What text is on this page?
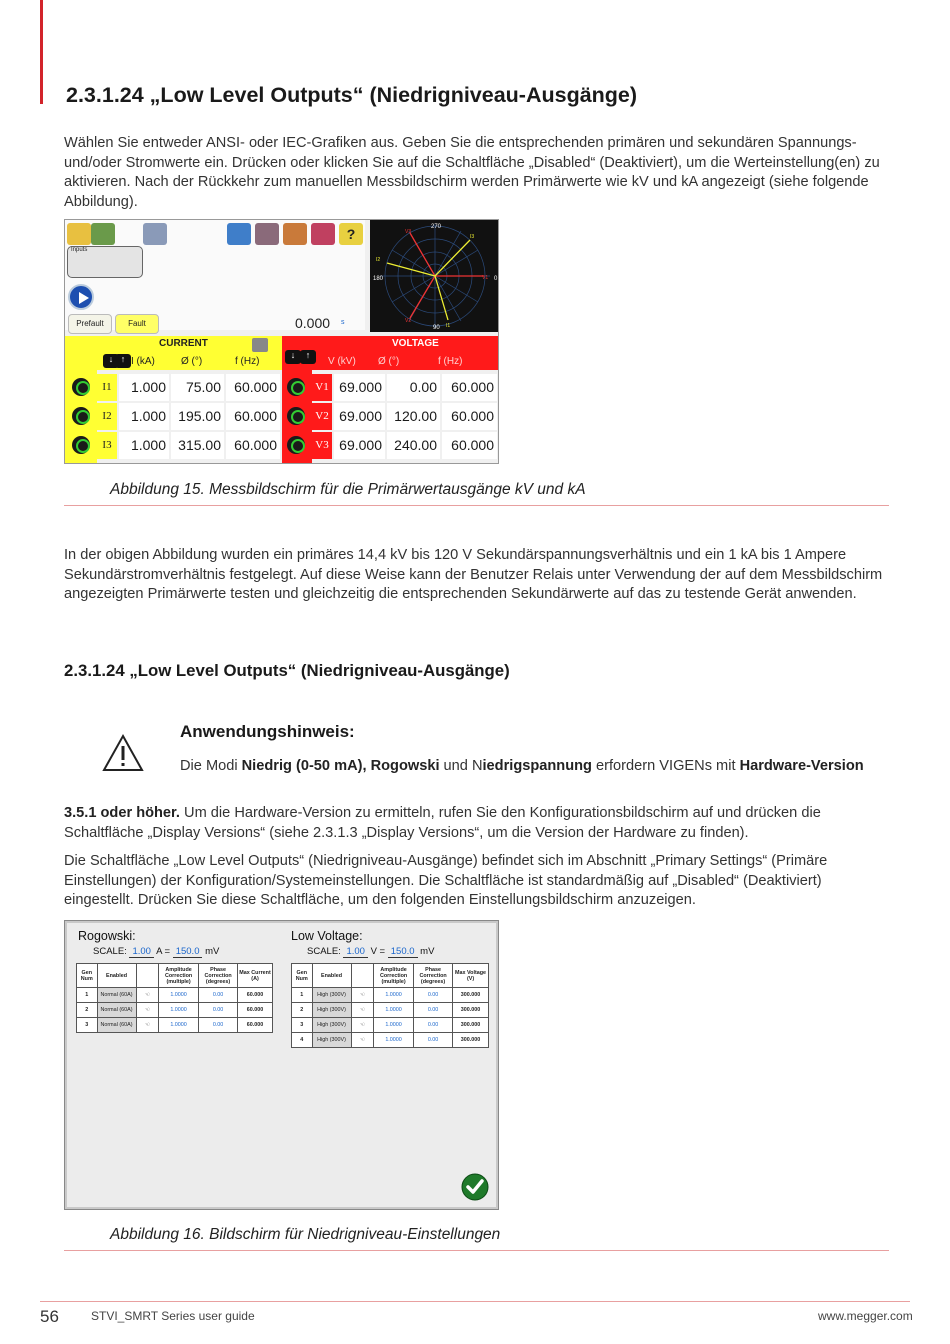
2.3.1.24 „Low Level Outputs“ (Niedrigniveau-Ausgänge)
Wählen Sie entweder ANSI- oder IEC-Grafiken aus. Geben Sie die entsprechenden primären und sekundären Spannungs- und/oder Stromwerte ein. Drücken oder klicken Sie auf die Schaltfläche „Disabled“ (Deaktiviert), um die Werteinstellung(en) zu aktivieren. Nach der Rückkehr zum manuellen Messbildschirm werden Primärwerte wie kV und kA angezeigt (siehe folgende Abbildung).
?
Inputs
Prefault	Fault	0.000 s
270
180	0
90
V1
V2
V3
I1
I2
I3
CURRENT
↑
↓	I (kA)	Ø (°)	f (Hz)
VOLTAGE
↓	↑
V (kV) Ø (°)	f (Hz)
I1	1.000	75.00 60.000
I2	1.000 195.00 60.000
I3	1.000 315.00 60.000
V1 69.000	0.00	60.000
V2 69.000 120.00	60.000
V3 69.000 240.00	60.000
Abbildung 15. Messbildschirm für die Primärwertausgänge kV und kA
In der obigen Abbildung wurden ein primäres 14,4 kV bis 120 V Sekundärspannungsverhältnis und ein 1 kA bis 1 Ampere Sekundärstromverhältnis festgelegt. Auf diese Weise kann der Benutzer Relais unter Verwendung der auf dem Messbildschirm angezeigten Primärwerte testen und gleichzeitig die entsprechenden Sekundärwerte auf das zu testende Gerät anwenden.
2.3.1.24 „Low Level Outputs“ (Niedrigniveau-Ausgänge)
Anwendungshinweis:
Die Modi Niedrig (0-50 mA), Rogowski und Niedrigspannung erfordern VIGENs mit Hardware-Version
3.5.1 oder höher. Um die Hardware-Version zu ermitteln, rufen Sie den Konfigurationsbildschirm auf und drücken die Schaltfläche „Display Versions“ (siehe 2.3.1.3 „Display Versions“, um die Version der Hardware zu finden).
Die Schaltfläche „Low Level Outputs“ (Niedrigniveau-Ausgänge) befindet sich im Abschnitt „Primary Settings“ (Primäre Einstellungen) der Konfiguration/Systemeinstellungen. Die Schaltfläche ist standardmäßig auf „Disabled“ (Deaktiviert) eingestellt. Drücken Sie diese Schaltfläche, um den folgenden Einstellungsbildschirm anzuzeigen.
Rogowski:
SCALE: 1.00 A = 150.0 mV
Gen Num	Enabled		Amplitude Correction (multiple)	Phase Correction (degrees)	Max Current (A)
1	Normal (60A)	☜	1.0000	0.00	60.000
2	Normal (60A)	☜	1.0000	0.00	60.000
3	Normal (60A)	☜	1.0000	0.00	60.000
Low Voltage:
SCALE: 1.00 V = 150.0 mV
Gen Num	Enabled		Amplitude Correction (multiple)	Phase Correction (degrees)	Max Voltage (V)
1	High (300V)	☜	1.0000	0.00	300.000
2	High (300V)	☜	1.0000	0.00	300.000
3	High (300V)	☜	1.0000	0.00	300.000
4	High (300V)	☜	1.0000	0.00	300.000
Abbildung 16. Bildschirm für Niedrigniveau-Einstellungen
56	STVI_SMRT Series user guide	www.megger.com
